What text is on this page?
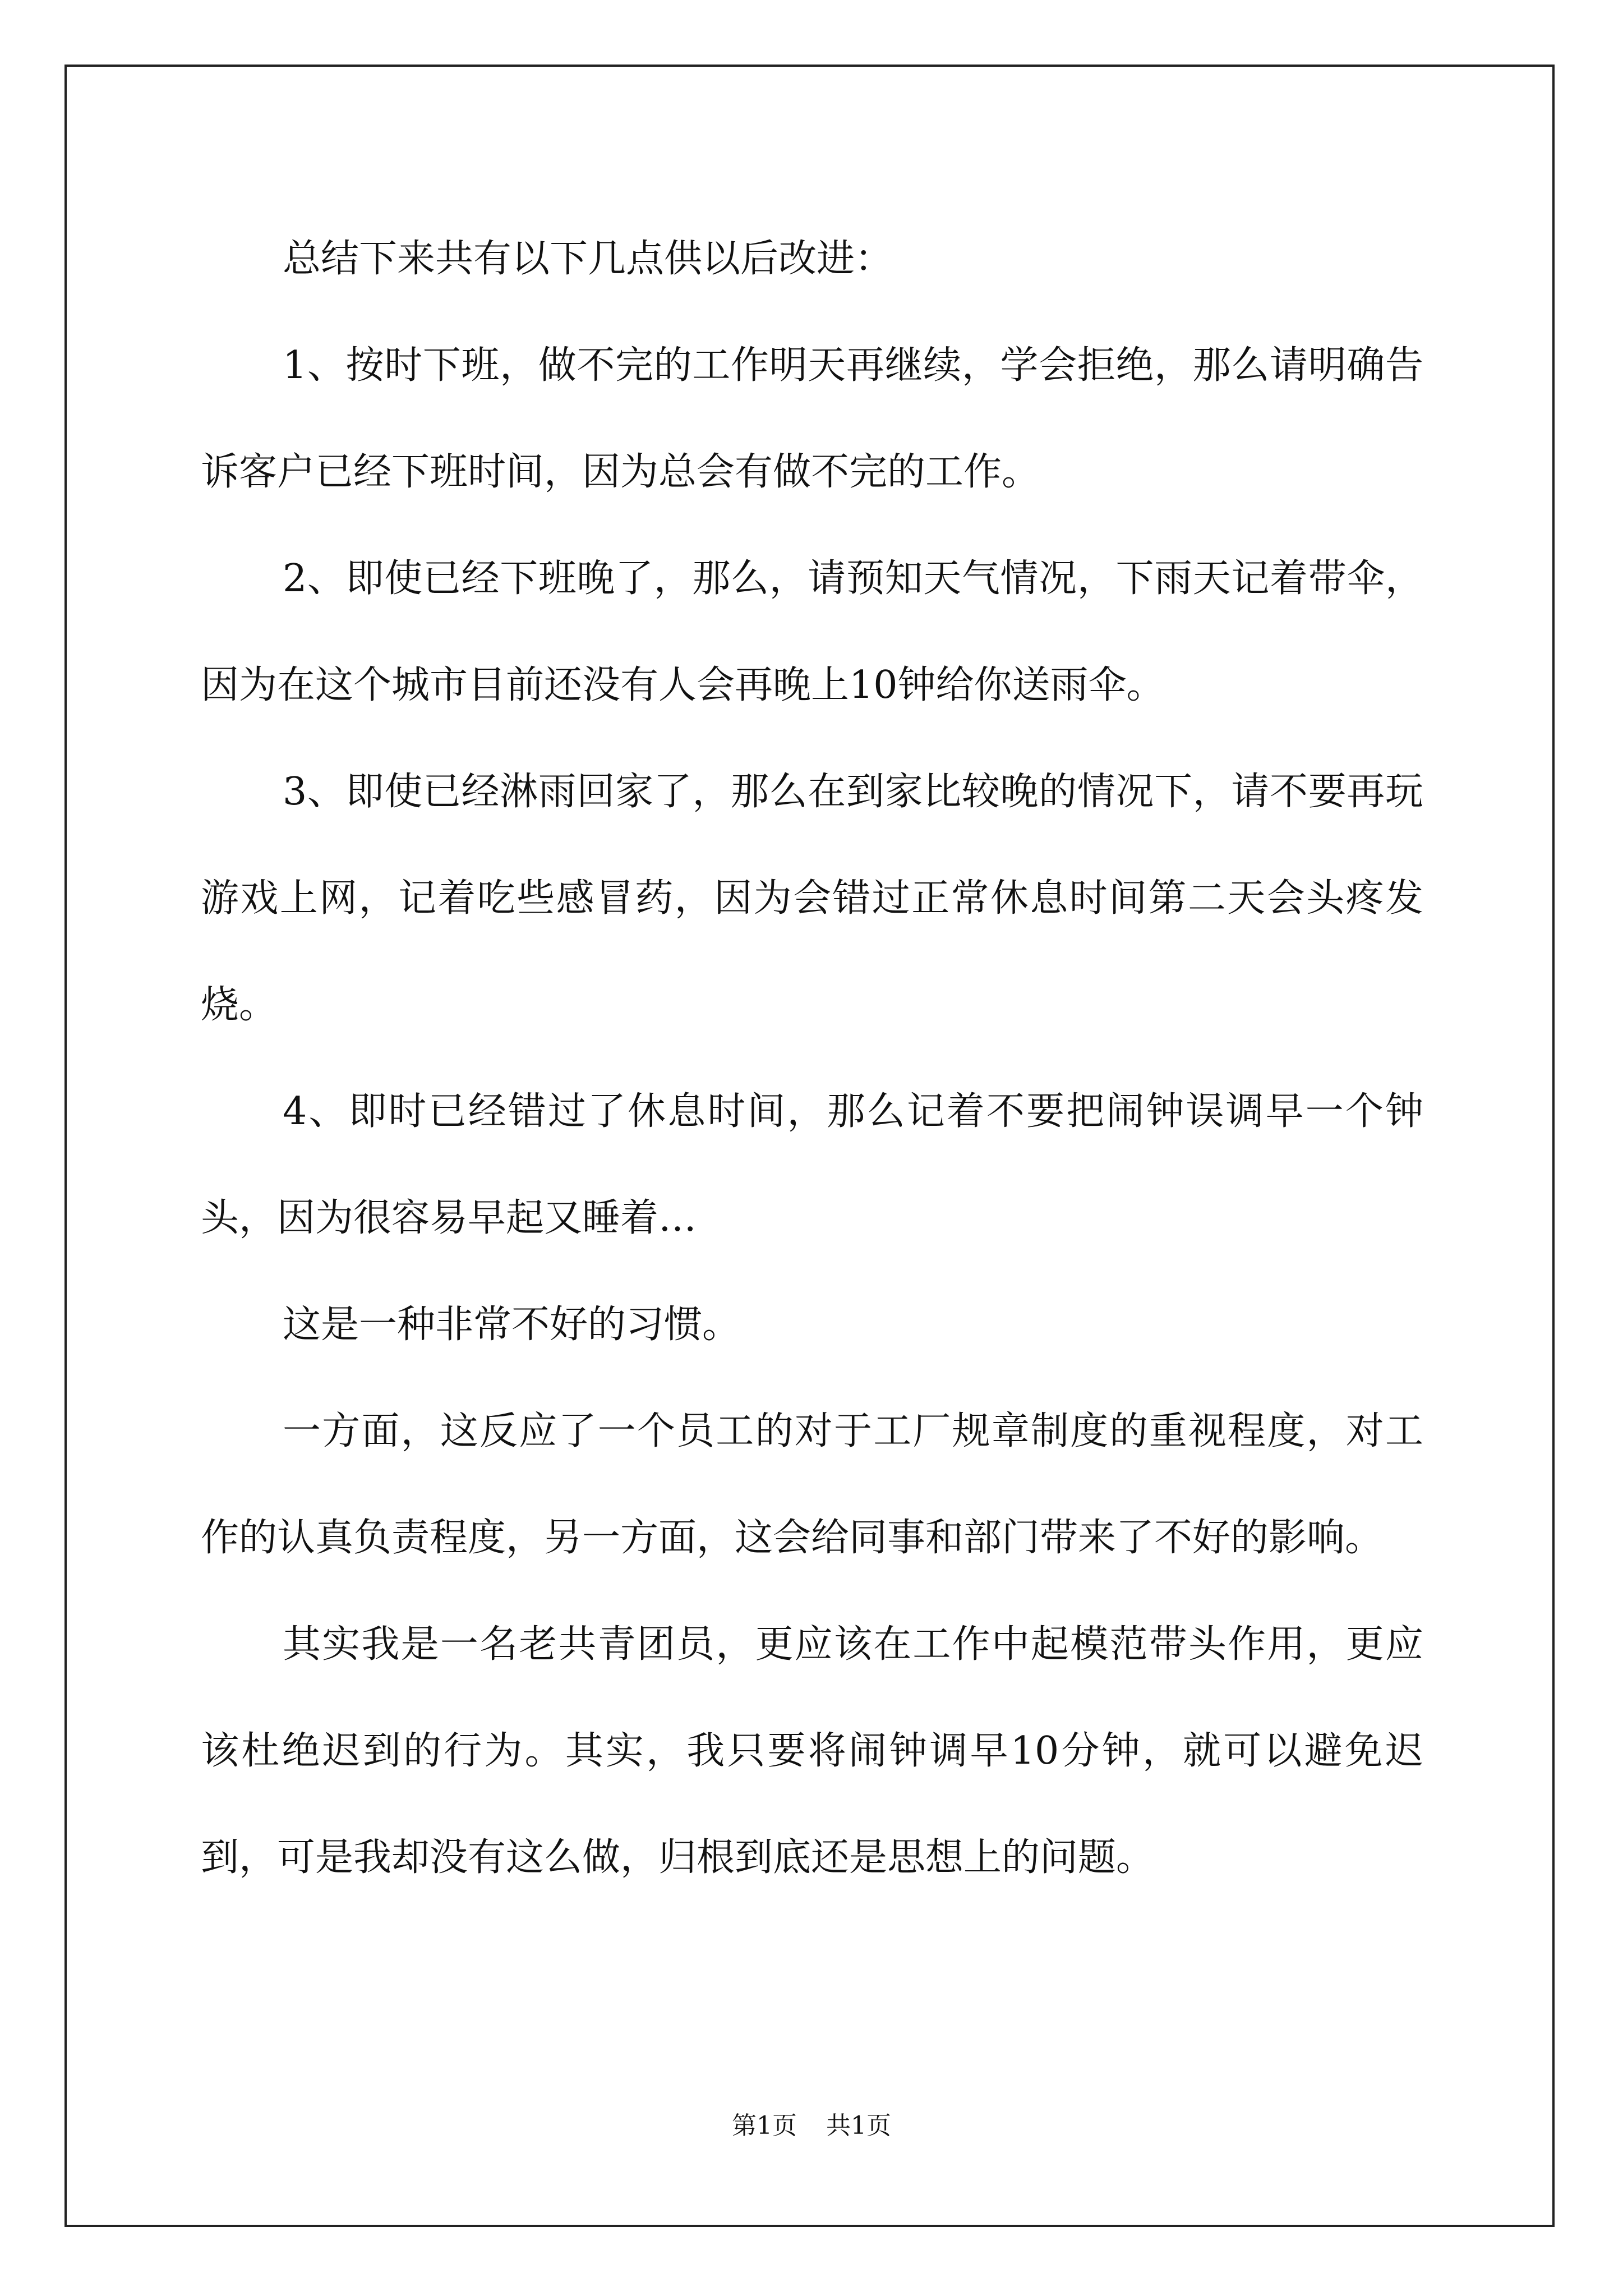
总结下来共有以下几点供以后改进：

1、按时下班，做不完的工作明天再继续，学会拒绝，那么请明确告诉客户已经下班时间，因为总会有做不完的工作。

2、即使已经下班晚了，那么，请预知天气情况，下雨天记着带伞，因为在这个城市目前还没有人会再晚上10钟给你送雨伞。

3、即使已经淋雨回家了，那么在到家比较晚的情况下，请不要再玩游戏上网，记着吃些感冒药，因为会错过正常休息时间第二天会头疼发烧。

4、即时已经错过了休息时间，那么记着不要把闹钟误调早一个钟头，因为很容易早起又睡着…

这是一种非常不好的习惯。

一方面，这反应了一个员工的对于工厂规章制度的重视程度，对工作的认真负责程度，另一方面，这会给同事和部门带来了不好的影响。

其实我是一名老共青团员，更应该在工作中起模范带头作用，更应该杜绝迟到的行为。其实，我只要将闹钟调早10分钟，就可以避免迟到，可是我却没有这么做，归根到底还是思想上的问题。

第1页 共1页
